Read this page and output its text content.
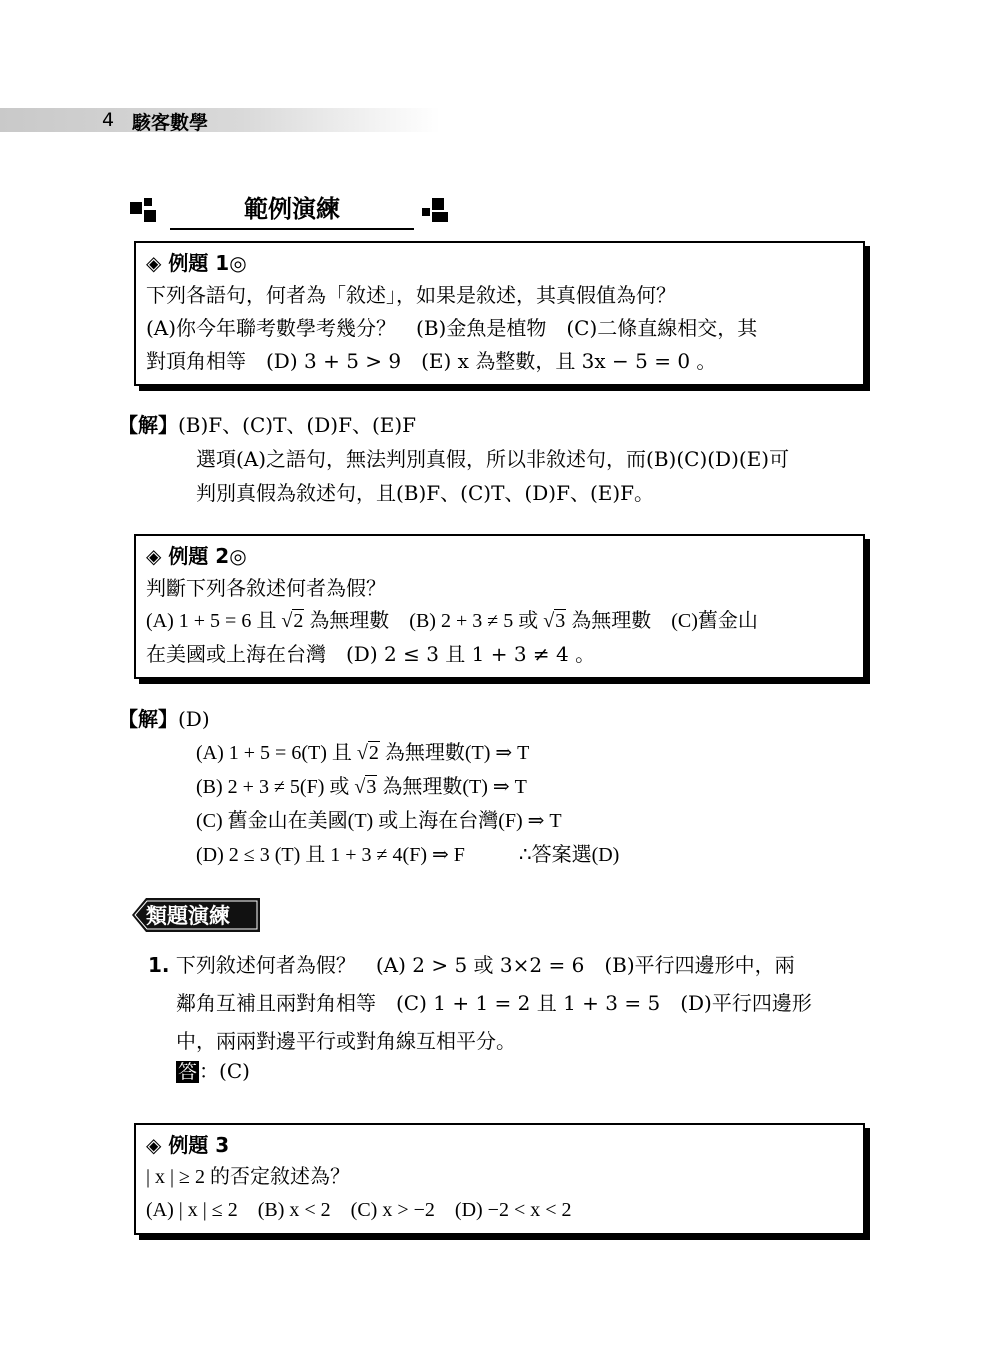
4 駭客數學
範例演練
◈ 例題 1◎
下列各語句，何者為「敘述」，如果是敘述，其真假值為何？
(A)你今年聯考數學考幾分？　(B)金魚是植物　(C)二條直線相交，其
對頂角相等　(D) 3 + 5 > 9　(E) x 為整數，且 3x − 5 = 0 。
【解】(B)F、(C)T、(D)F、(E)F
選項(A)之語句，無法判別真假，所以非敘述句，而(B)(C)(D)(E)可
判別真假為敘述句，且(B)F、(C)T、(D)F、(E)F。
◈ 例題 2◎
判斷下列各敘述何者為假？
(A) 1 + 5 = 6 且 √2 為無理數　(B) 2 + 3 ≠ 5 或 √3 為無理數　(C)舊金山
在美國或上海在台灣　(D) 2 ≤ 3 且 1 + 3 ≠ 4 。
【解】(D)
(A) 1 + 5 = 6(T) 且 √2 為無理數(T) ⇒ T
(B) 2 + 3 ≠ 5(F) 或 √3 為無理數(T) ⇒ T
(C) 舊金山在美國(T) 或上海在台灣(F) ⇒ T
(D) 2 ≤ 3 (T) 且 1 + 3 ≠ 4(F) ⇒ F	∴答案選(D)
類題演練
1. 下列敘述何者為假？　(A) 2 > 5 或 3×2 = 6　(B)平行四邊形中，兩
鄰角互補且兩對角相等　(C) 1 + 1 = 2 且 1 + 3 = 5　(D)平行四邊形
中，兩兩對邊平行或對角線互相平分。
答 ：(C)
◈ 例題 3
| x | ≥ 2 的否定敘述為？
(A) | x | ≤ 2　(B) x < 2　(C) x > −2　(D) −2 < x < 2
